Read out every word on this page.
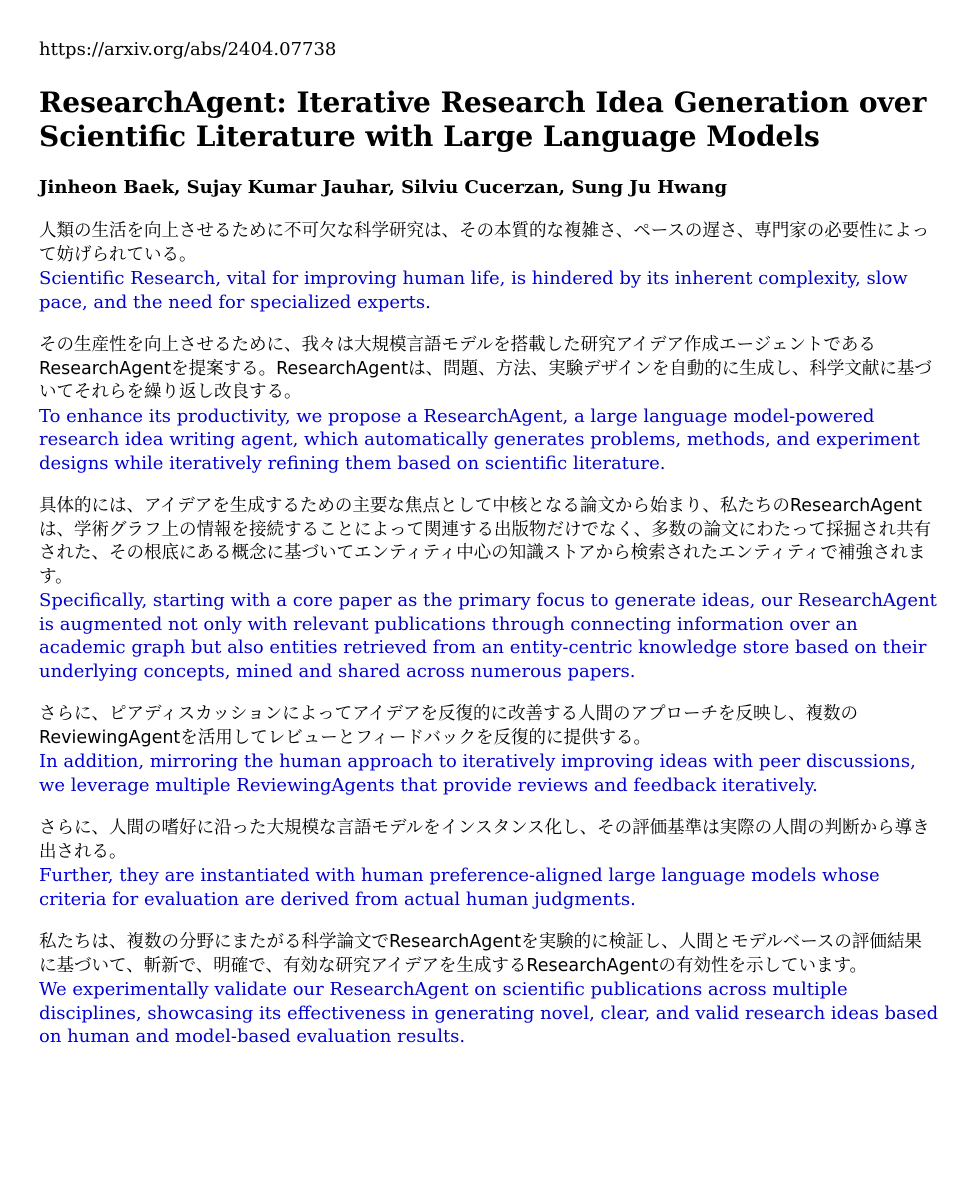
https://arxiv.org/abs/2404.07738
ResearchAgent: Iterative Research Idea Generation over Scientific Literature with Large Language Models
Jinheon Baek, Sujay Kumar Jauhar, Silviu Cucerzan, Sung Ju Hwang
人類の生活を向上させるために不可欠な科学研究は、その本質的な複雑さ、ペースの遅さ、専門家の必要性によって妨げられている。
Scientific Research, vital for improving human life, is hindered by its inherent complexity, slow pace, and the need for specialized experts.
その生産性を向上させるために、我々は大規模言語モデルを搭載した研究アイデア作成エージェントであるResearchAgentを提案する。ResearchAgentは、問題、方法、実験デザインを自動的に生成し、科学文献に基づいてそれらを繰り返し改良する。
To enhance its productivity, we propose a ResearchAgent, a large language model-powered research idea writing agent, which automatically generates problems, methods, and experiment designs while iteratively refining them based on scientific literature.
具体的には、アイデアを生成するための主要な焦点として中核となる論文から始まり、私たちのResearchAgentは、学術グラフ上の情報を接続することによって関連する出版物だけでなく、多数の論文にわたって採掘され共有された、その根底にある概念に基づいてエンティティ中心の知識ストアから検索されたエンティティで補強されます。
Specifically, starting with a core paper as the primary focus to generate ideas, our ResearchAgent is augmented not only with relevant publications through connecting information over an academic graph but also entities retrieved from an entity-centric knowledge store based on their underlying concepts, mined and shared across numerous papers.
さらに、ピアディスカッションによってアイデアを反復的に改善する人間のアプローチを反映し、複数のReviewingAgentを活用してレビューとフィードバックを反復的に提供する。
In addition, mirroring the human approach to iteratively improving ideas with peer discussions, we leverage multiple ReviewingAgents that provide reviews and feedback iteratively.
さらに、人間の嗜好に沿った大規模な言語モデルをインスタンス化し、その評価基準は実際の人間の判断から導き出される。
Further, they are instantiated with human preference-aligned large language models whose criteria for evaluation are derived from actual human judgments.
私たちは、複数の分野にまたがる科学論文でResearchAgentを実験的に検証し、人間とモデルベースの評価結果に基づいて、斬新で、明確で、有効な研究アイデアを生成するResearchAgentの有効性を示しています。
We experimentally validate our ResearchAgent on scientific publications across multiple disciplines, showcasing its effectiveness in generating novel, clear, and valid research ideas based on human and model-based evaluation results.
